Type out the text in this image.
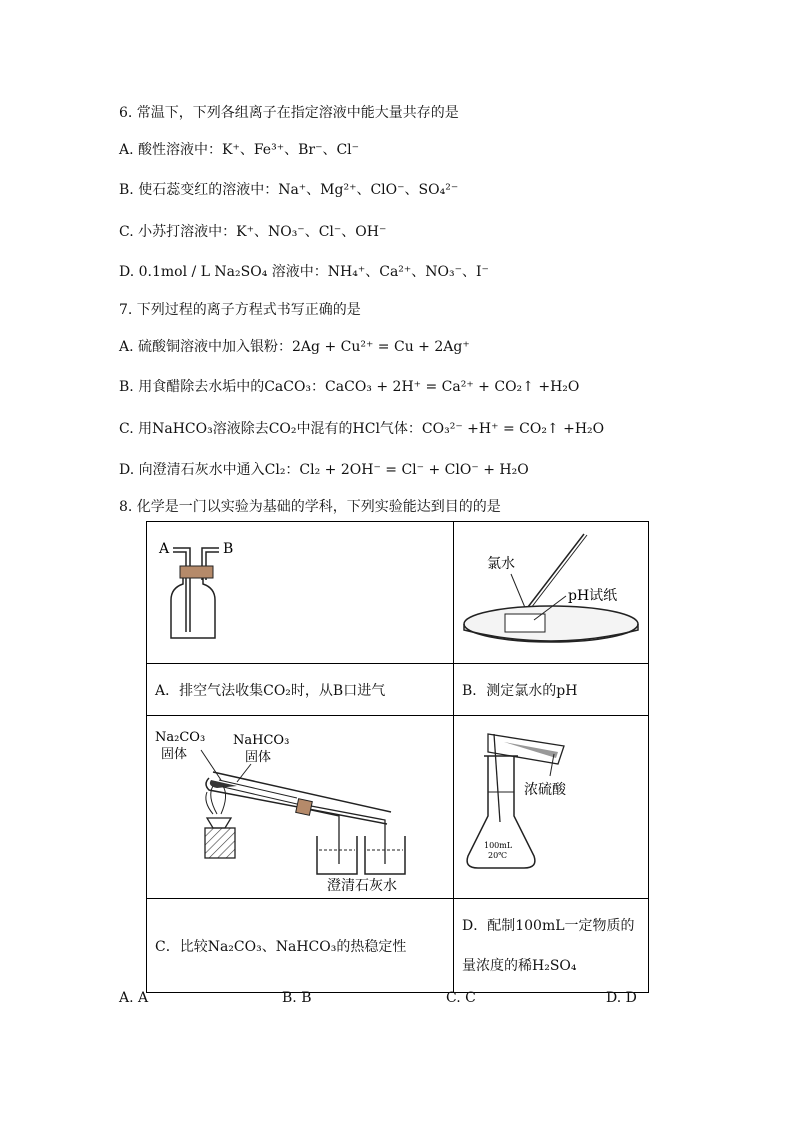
6. 常温下，下列各组离子在指定溶液中能大量共存的是
A. 酸性溶液中：K⁺、Fe³⁺、Br⁻、Cl⁻
B. 使石蕊变红的溶液中：Na⁺、Mg²⁺、ClO⁻、SO₄²⁻
C. 小苏打溶液中：K⁺、NO₃⁻、Cl⁻、OH⁻
D. 0.1mol / L Na₂SO₄ 溶液中：NH₄⁺、Ca²⁺、NO₃⁻、I⁻
7. 下列过程的离子方程式书写正确的是
A. 硫酸铜溶液中加入银粉：2Ag + Cu²⁺ = Cu + 2Ag⁺
B. 用食醋除去水垢中的CaCO₃：CaCO₃ + 2H⁺ = Ca²⁺ + CO₂↑ +H₂O
C. 用NaHCO₃溶液除去CO₂中混有的HCl气体：CO₃²⁻ +H⁺ = CO₂↑ +H₂O
D. 向澄清石灰水中通入Cl₂：Cl₂ + 2OH⁻ = Cl⁻ + ClO⁻ + H₂O
8. 化学是一门以实验为基础的学科，下列实验能达到目的的是
A B	氯水
pH试纸

A．排空气法收集CO₂时，从B口进气	B．测定氯水的pH

Na₂CO₃
固体
NaHCO₃
固体
澄清石灰水	浓硫酸
100mL
20℃

C．比较Na₂CO₃、NaHCO₃的热稳定性	D．配制100mL一定物质的
量浓度的稀H₂SO₄
A. A	B. B	C. C	D. D
